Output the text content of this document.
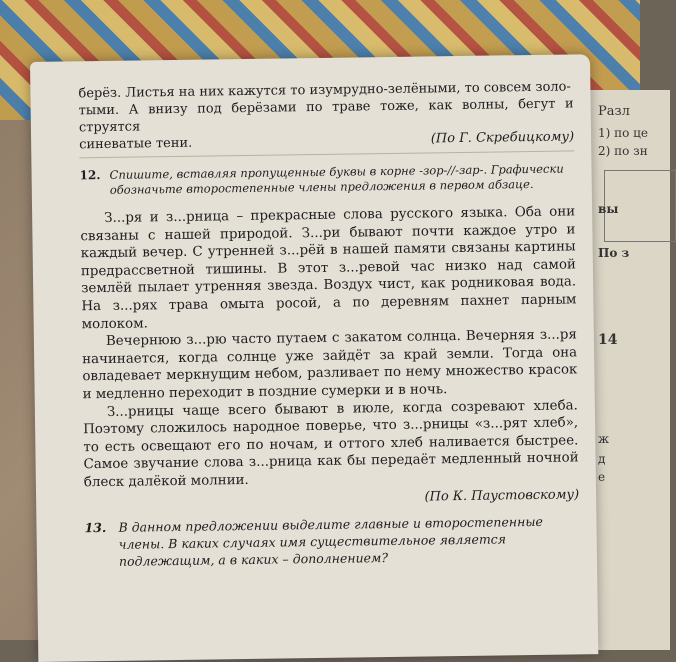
Разл
1) по це
2) по зн
вы
По з
14
ж
д
е

берёз. Листья на них кажутся то изумрудно-зелёными, то совсем золо-

тыми. А внизу под берёзами по траве тоже, как волны, бегут и струятся

синеватые тени.	(По Г. Скребицкому)

12. Спишите, вставляя пропущенные буквы в корне -зор-//-зар-. Графически обозначьте второстепенные члены предложения в первом абзаце.

З...ря и з...рница – прекрасные слова русского языка. Оба они связаны с нашей природой. З...ри бывают почти каждое утро и каждый вечер. С утренней з...рёй в нашей памяти связаны картины предрассветной тишины. В этот з...ревой час низко над самой землёй пылает утренняя звезда. Воздух чист, как родниковая вода. На з...рях трава омыта росой, а по деревням пахнет парным молоком.

Вечернюю з...рю часто путаем с закатом солнца. Вечерняя з...ря начинается, когда солнце уже зайдёт за край земли. Тогда она овладевает меркнущим небом, разливает по нему множество красок и медленно переходит в поздние сумерки и в ночь.

З...рницы чаще всего бывают в июле, когда созревают хлеба. Поэтому сложилось народное поверье, что з...рницы «з...рят хлеб», то есть освещают его по ночам, и оттого хлеб наливается быстрее. Самое звучание слова з...рница как бы передаёт медленный ночной блеск далёкой молнии.

(По К. Паустовскому)

13. В данном предложении выделите главные и второстепенные члены. В каких случаях имя существительное является подлежащим, а в каких – дополнением?
